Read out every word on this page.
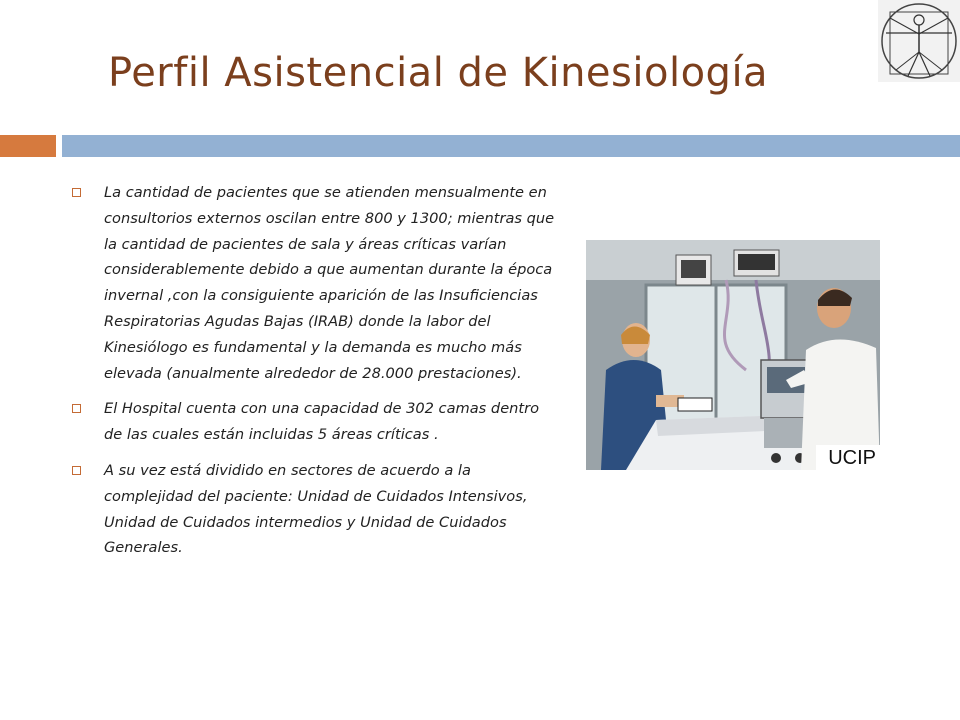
Perfil Asistencial de Kinesiología
La cantidad de pacientes que se atienden mensualmente en consultorios externos oscilan entre 800 y 1300; mientras que la cantidad de pacientes de sala y áreas críticas varían considerablemente debido a que aumentan durante la época invernal ,con la consiguiente aparición de las Insuficiencias Respiratorias Agudas Bajas (IRAB) donde la labor del Kinesiólogo es fundamental y la demanda es mucho más elevada (anualmente alrededor de 28.000 prestaciones).
El Hospital cuenta con una capacidad de 302 camas dentro de las cuales están incluidas 5 áreas críticas .
A su vez está dividido en sectores de acuerdo a la complejidad del paciente: Unidad de Cuidados Intensivos, Unidad de Cuidados intermedios y Unidad de Cuidados Generales.
UCIP
